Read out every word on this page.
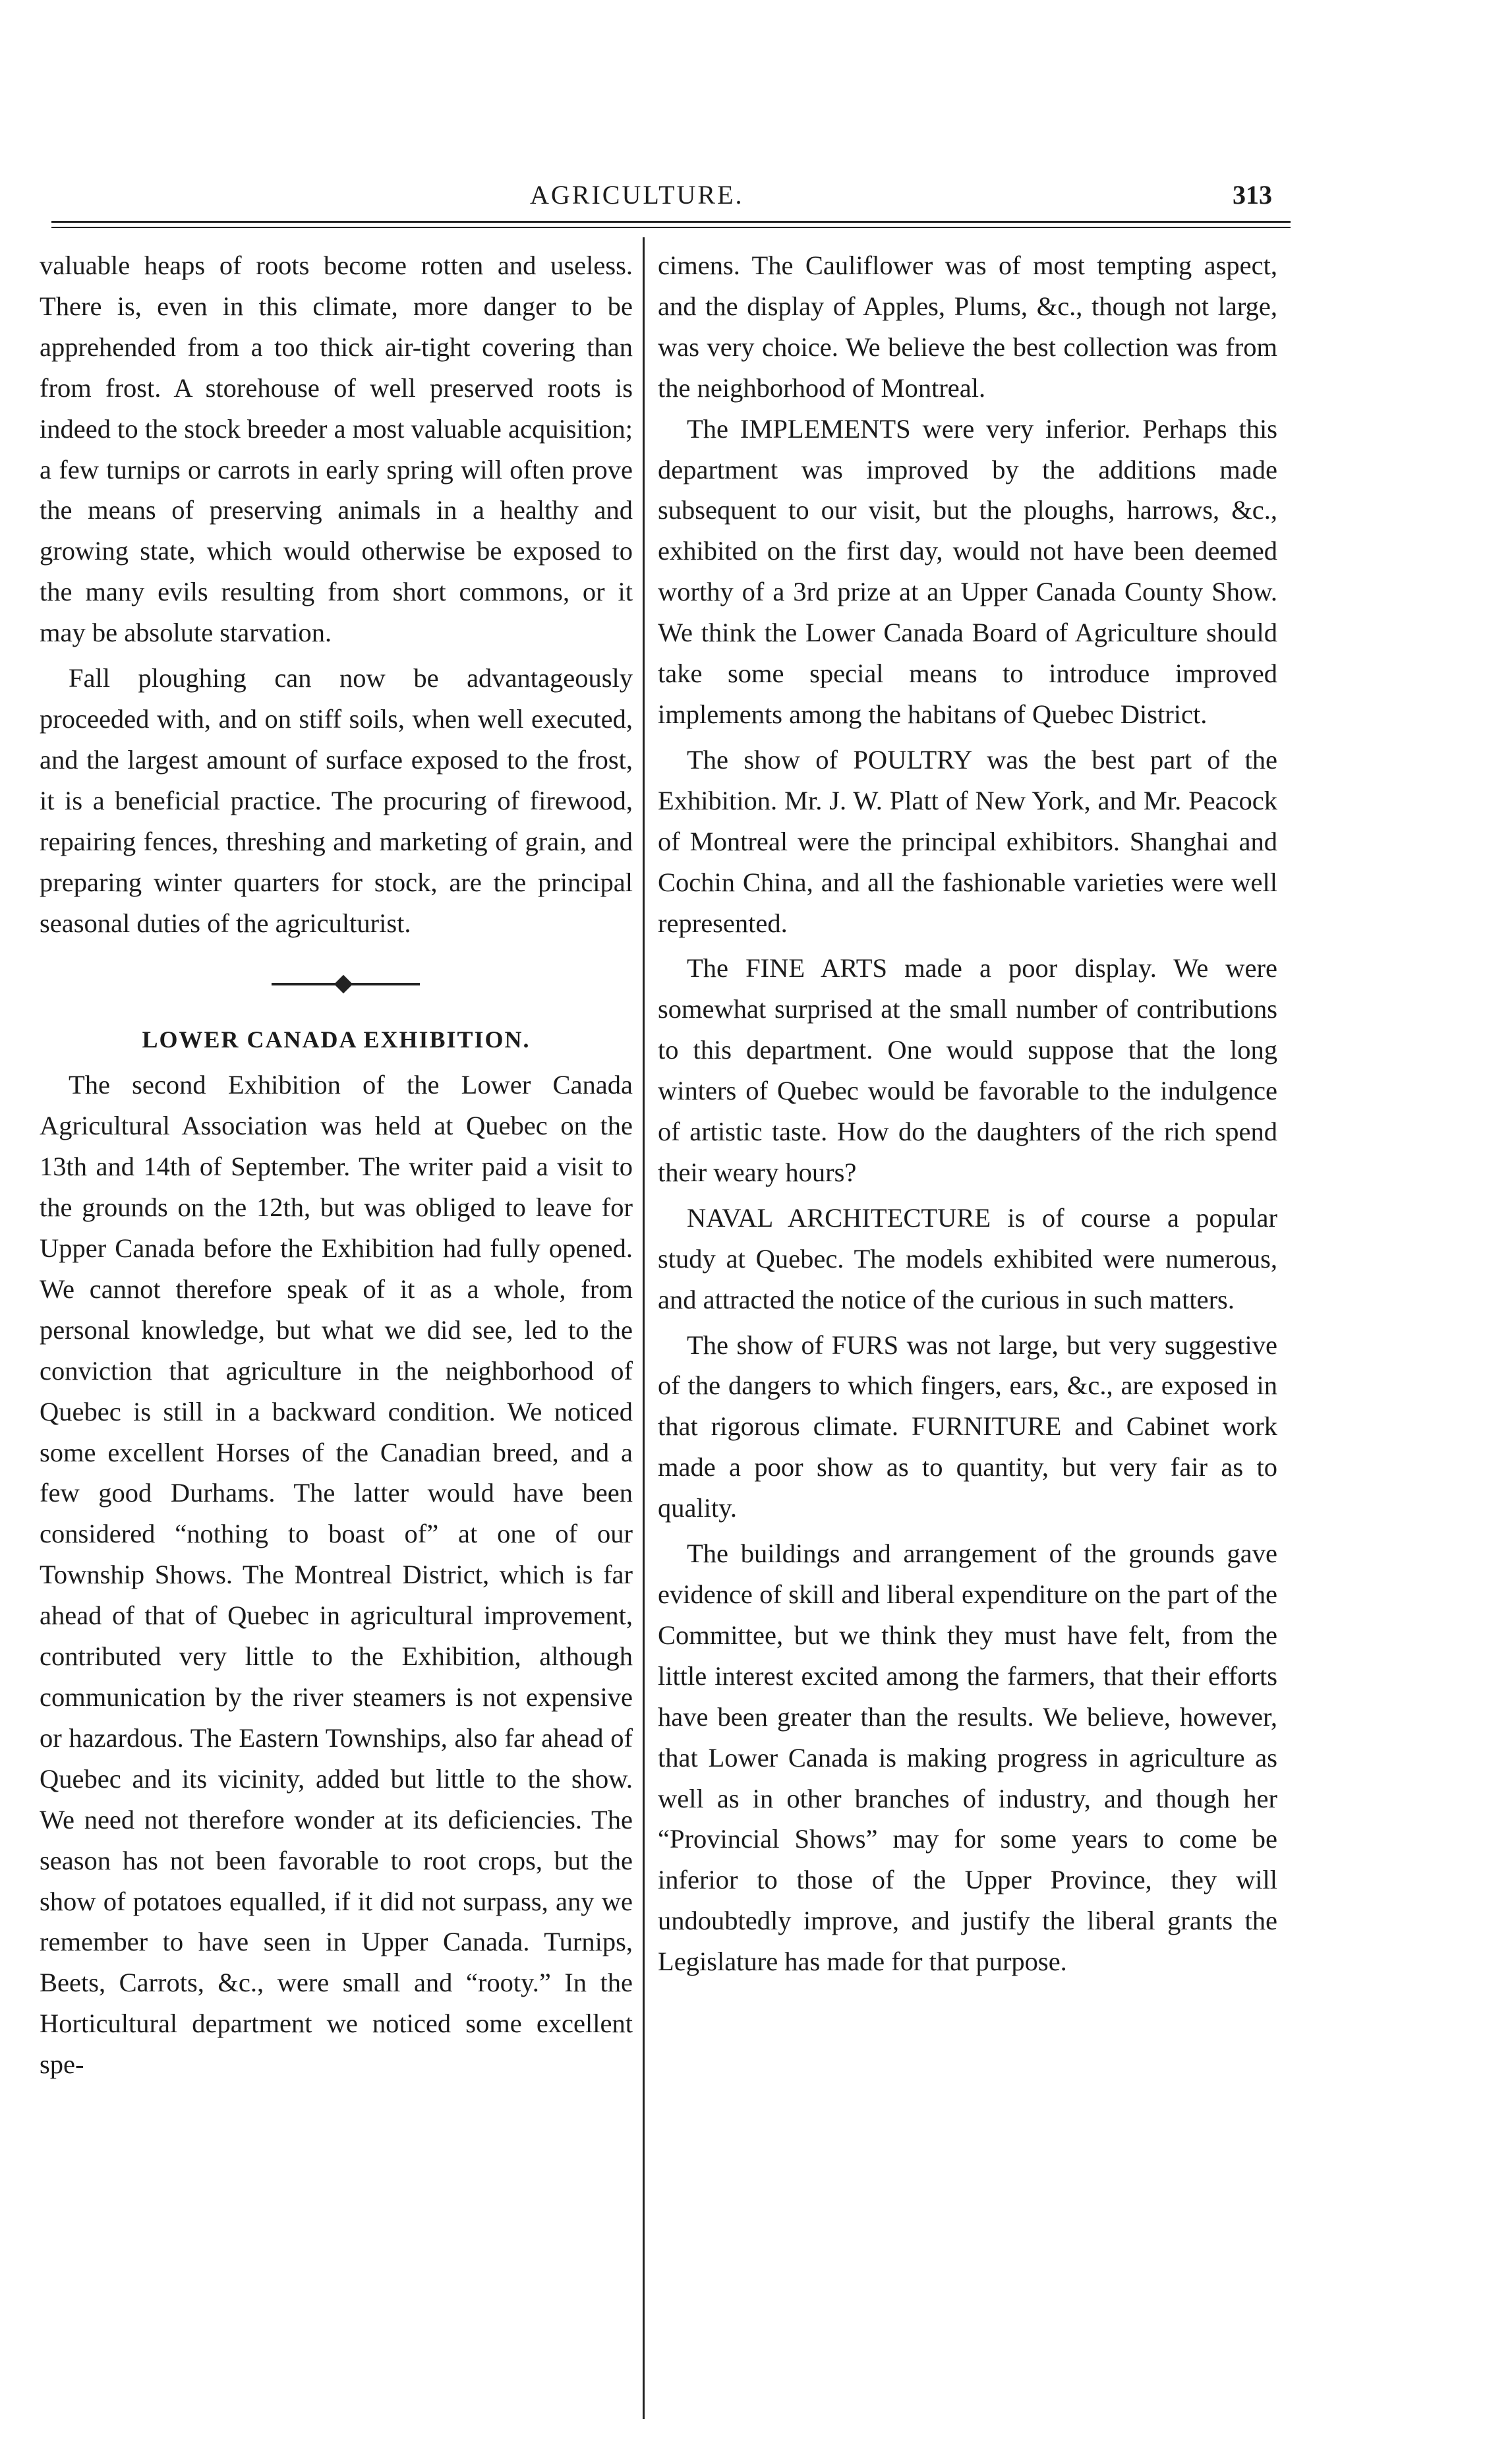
AGRICULTURE.	313

valuable heaps of roots become rotten and useless. There is, even in this climate, more danger to be apprehended from a too thick air-tight covering than from frost. A storehouse of well preserved roots is indeed to the stock breeder a most valuable acquisition; a few turnips or carrots in early spring will often prove the means of preserving animals in a healthy and growing state, which would otherwise be exposed to the many evils resulting from short commons, or it may be absolute starvation.

Fall ploughing can now be advantageously proceeded with, and on stiff soils, when well executed, and the largest amount of surface exposed to the frost, it is a beneficial practice. The procuring of firewood, repairing fences, threshing and marketing of grain, and preparing winter quarters for stock, are the principal seasonal duties of the agriculturist.

LOWER CANADA EXHIBITION.

The second Exhibition of the Lower Canada Agricultural Association was held at Quebec on the 13th and 14th of September. The writer paid a visit to the grounds on the 12th, but was obliged to leave for Upper Canada before the Exhibition had fully opened. We cannot therefore speak of it as a whole, from personal knowledge, but what we did see, led to the conviction that agriculture in the neighborhood of Quebec is still in a backward condition. We noticed some excellent Horses of the Canadian breed, and a few good Durhams. The latter would have been considered “nothing to boast of” at one of our Township Shows. The Montreal District, which is far ahead of that of Quebec in agricultural improvement, contributed very little to the Exhibition, although communication by the river steamers is not expensive or hazardous. The Eastern Townships, also far ahead of Quebec and its vicinity, added but little to the show. We need not therefore wonder at its deficiencies. The season has not been favorable to root crops, but the show of potatoes equalled, if it did not surpass, any we remember to have seen in Upper Canada. Turnips, Beets, Carrots, &c., were small and “rooty.” In the Horticultural department we noticed some excellent spe-

cimens. The Cauliflower was of most tempting aspect, and the display of Apples, Plums, &c., though not large, was very choice. We believe the best collection was from the neighborhood of Montreal.

The IMPLEMENTS were very inferior. Perhaps this department was improved by the additions made subsequent to our visit, but the ploughs, harrows, &c., exhibited on the first day, would not have been deemed worthy of a 3rd prize at an Upper Canada County Show. We think the Lower Canada Board of Agriculture should take some special means to introduce improved implements among the habitans of Quebec District.

The show of POULTRY was the best part of the Exhibition. Mr. J. W. Platt of New York, and Mr. Peacock of Montreal were the principal exhibitors. Shanghai and Cochin China, and all the fashionable varieties were well represented.

The FINE ARTS made a poor display. We were somewhat surprised at the small number of contributions to this department. One would suppose that the long winters of Quebec would be favorable to the indulgence of artistic taste. How do the daughters of the rich spend their weary hours?

NAVAL ARCHITECTURE is of course a popular study at Quebec. The models exhibited were numerous, and attracted the notice of the curious in such matters.

The show of FURS was not large, but very suggestive of the dangers to which fingers, ears, &c., are exposed in that rigorous climate. FURNITURE and Cabinet work made a poor show as to quantity, but very fair as to quality.

The buildings and arrangement of the grounds gave evidence of skill and liberal expenditure on the part of the Committee, but we think they must have felt, from the little interest excited among the farmers, that their efforts have been greater than the results. We believe, however, that Lower Canada is making progress in agriculture as well as in other branches of industry, and though her “Provincial Shows” may for some years to come be inferior to those of the Upper Province, they will undoubtedly improve, and justify the liberal grants the Legislature has made for that purpose.
